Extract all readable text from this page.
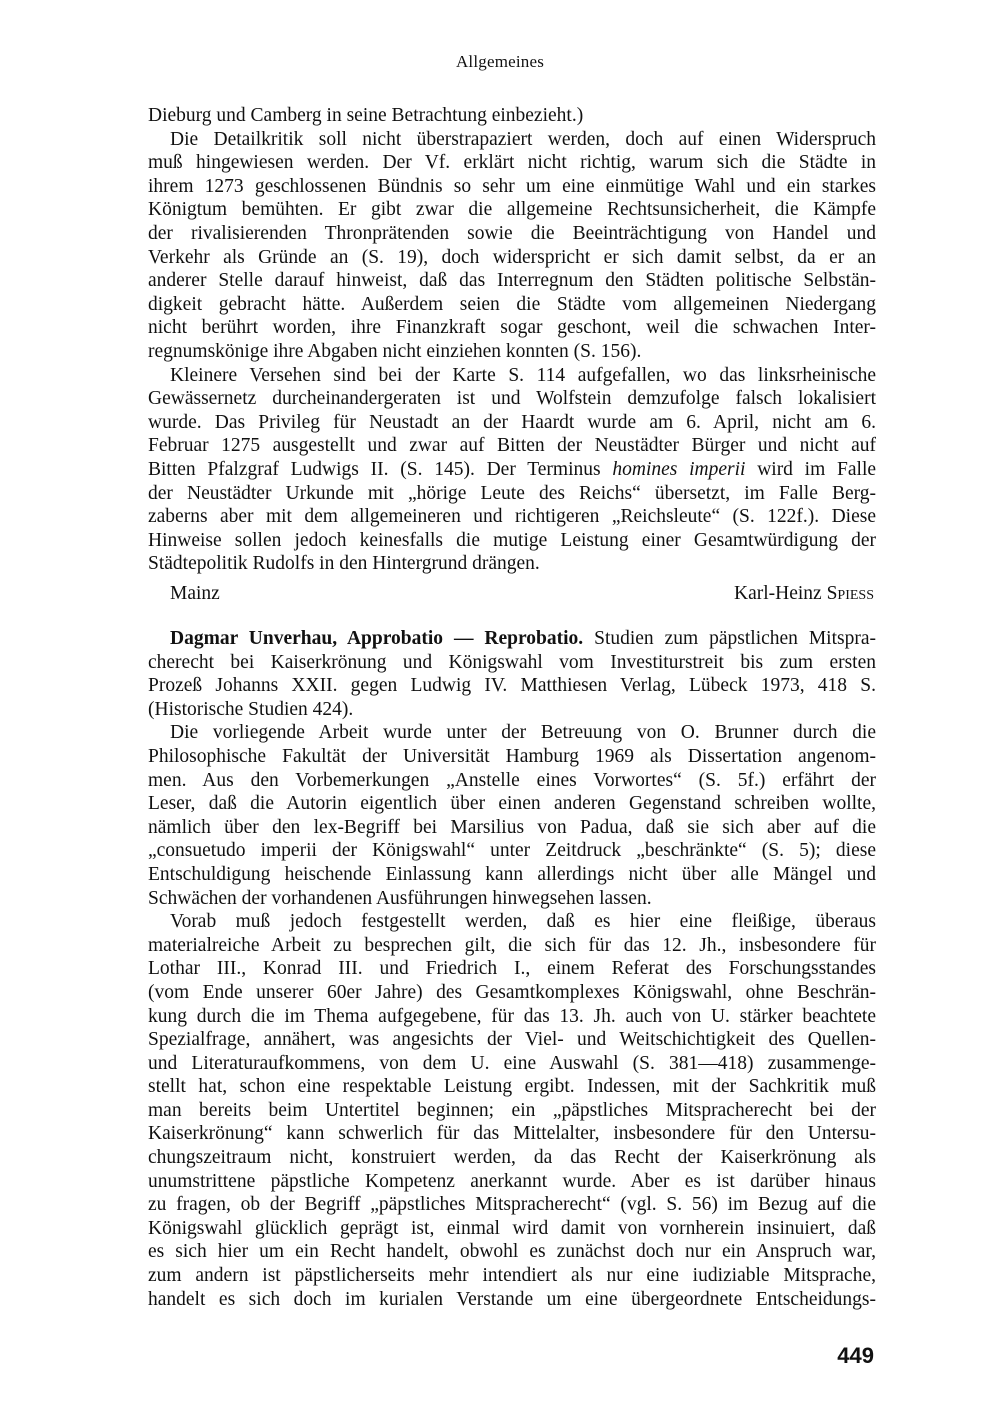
Allgemeines
Dieburg und Camberg in seine Betrachtung einbezieht.)
Die Detailkritik soll nicht überstrapaziert werden, doch auf einen Widerspruch
muß hingewiesen werden. Der Vf. erklärt nicht richtig, warum sich die Städte in
ihrem 1273 geschlossenen Bündnis so sehr um eine einmütige Wahl und ein starkes
Königtum bemühten. Er gibt zwar die allgemeine Rechtsunsicherheit, die Kämpfe
der rivalisierenden Thronprätenden sowie die Beeinträchtigung von Handel und
Verkehr als Gründe an (S. 19), doch widerspricht er sich damit selbst, da er an
anderer Stelle darauf hinweist, daß das Interregnum den Städten politische Selbstän-
digkeit gebracht hätte. Außerdem seien die Städte vom allgemeinen Niedergang
nicht berührt worden, ihre Finanzkraft sogar geschont, weil die schwachen Inter-
regnumskönige ihre Abgaben nicht einziehen konnten (S. 156).
Kleinere Versehen sind bei der Karte S. 114 aufgefallen, wo das linksrheinische
Gewässernetz durcheinandergeraten ist und Wolfstein demzufolge falsch lokalisiert
wurde. Das Privileg für Neustadt an der Haardt wurde am 6. April, nicht am 6.
Februar 1275 ausgestellt und zwar auf Bitten der Neustädter Bürger und nicht auf
Bitten Pfalzgraf Ludwigs II. (S. 145). Der Terminus homines imperii wird im Falle
der Neustädter Urkunde mit „hörige Leute des Reichs“ übersetzt, im Falle Berg-
zaberns aber mit dem allgemeineren und richtigeren „Reichsleute“ (S. 122f.). Diese
Hinweise sollen jedoch keinesfalls die mutige Leistung einer Gesamtwürdigung der
Städtepolitik Rudolfs in den Hintergrund drängen.
Mainz	Karl-Heinz Spiess
Dagmar Unverhau, Approbatio — Reprobatio. Studien zum päpstlichen Mitspra-
cherecht bei Kaiserkrönung und Königswahl vom Investiturstreit bis zum ersten
Prozeß Johanns XXII. gegen Ludwig IV. Matthiesen Verlag, Lübeck 1973, 418 S.
(Historische Studien 424).
Die vorliegende Arbeit wurde unter der Betreuung von O. Brunner durch die
Philosophische Fakultät der Universität Hamburg 1969 als Dissertation angenom-
men. Aus den Vorbemerkungen „Anstelle eines Vorwortes“ (S. 5f.) erfährt der
Leser, daß die Autorin eigentlich über einen anderen Gegenstand schreiben wollte,
nämlich über den lex-Begriff bei Marsilius von Padua, daß sie sich aber auf die
„consuetudo imperii der Königswahl“ unter Zeitdruck „beschränkte“ (S. 5); diese
Entschuldigung heischende Einlassung kann allerdings nicht über alle Mängel und
Schwächen der vorhandenen Ausführungen hinwegsehen lassen.
Vorab muß jedoch festgestellt werden, daß es hier eine fleißige, überaus
materialreiche Arbeit zu besprechen gilt, die sich für das 12. Jh., insbesondere für
Lothar III., Konrad III. und Friedrich I., einem Referat des Forschungsstandes
(vom Ende unserer 60er Jahre) des Gesamtkomplexes Königswahl, ohne Beschrän-
kung durch die im Thema aufgegebene, für das 13. Jh. auch von U. stärker beachtete
Spezialfrage, annähert, was angesichts der Viel- und Weitschichtigkeit des Quellen-
und Literaturaufkommens, von dem U. eine Auswahl (S. 381—418) zusammenge-
stellt hat, schon eine respektable Leistung ergibt. Indessen, mit der Sachkritik muß
man bereits beim Untertitel beginnen; ein „päpstliches Mitspracherecht bei der
Kaiserkrönung“ kann schwerlich für das Mittelalter, insbesondere für den Untersu-
chungszeitraum nicht, konstruiert werden, da das Recht der Kaiserkrönung als
unumstrittene päpstliche Kompetenz anerkannt wurde. Aber es ist darüber hinaus
zu fragen, ob der Begriff „päpstliches Mitspracherecht“ (vgl. S. 56) im Bezug auf die
Königswahl glücklich geprägt ist, einmal wird damit von vornherein insinuiert, daß
es sich hier um ein Recht handelt, obwohl es zunächst doch nur ein Anspruch war,
zum andern ist päpstlicherseits mehr intendiert als nur eine iudiziable Mitsprache,
handelt es sich doch im kurialen Verstande um eine übergeordnete Entscheidungs-
449
